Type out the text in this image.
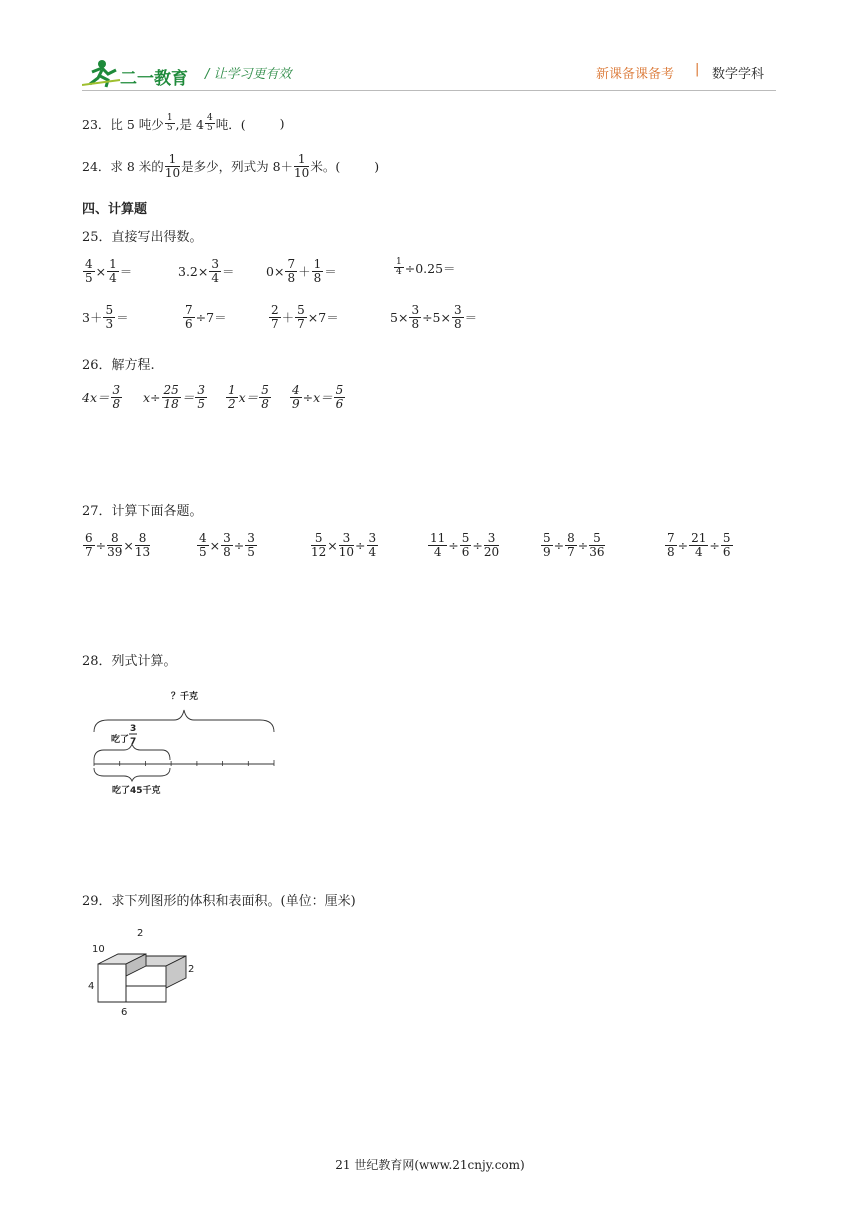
二一教育 / 让学习更有效	新课备课备考 | 数学学科
23．比 5 吨少 $\frac{1}{5}$ ,是 $4 \frac{4}{5}$ 吨．(	)
24．求 8 米的 $\frac{1}{10}$ 是多少，列式为 $8+ \frac{1}{10}$ 米。(	)
四、计算题
25．直接写出得数。
$\frac{4}{5} \times \frac{1}{4}$ ＝	$3.2\times \frac{3}{4}$ ＝	$0\times \frac{7}{8} + \frac{1}{8}$ ＝	$\frac{1}{4} \div 0.25=$
$3+ \frac{5}{3}$ ＝	$\frac{7}{6} \div 7=$	$\frac{2}{7} + \frac{5}{7} \times 7=$	$5\times \frac{3}{8} \div 5\times \frac{3}{8}$ ＝
26．解方程.
$4x= \frac{3}{8} x\div \frac{25}{18} = \frac{3}{5} \frac{1}{2} x= \frac{5}{8} \frac{4}{9} \div x= \frac{5}{6}$
27．计算下面各题。
$\frac{6}{7} \div \frac{8}{39} \times \frac{8}{13}$	$\frac{4}{5} \times \frac{3}{8} \div \frac{3}{5}$	$\frac{5}{12} \times \frac{3}{10} \div \frac{3}{4}$	$\frac{11}{4} \div \frac{5}{6} \div \frac{3}{20}$	$\frac{5}{9} \div \frac{8}{7} \div \frac{5}{36}$	$\frac{7}{8} \div \frac{21}{4} \div \frac{5}{6}$
28．列式计算。
？千克
吃了
3
7
吃了45千克
29．求下列图形的体积和表面积。(单位：厘米)
10
2
2
4
6
21 世纪教育网(www.21cnjy.com)
